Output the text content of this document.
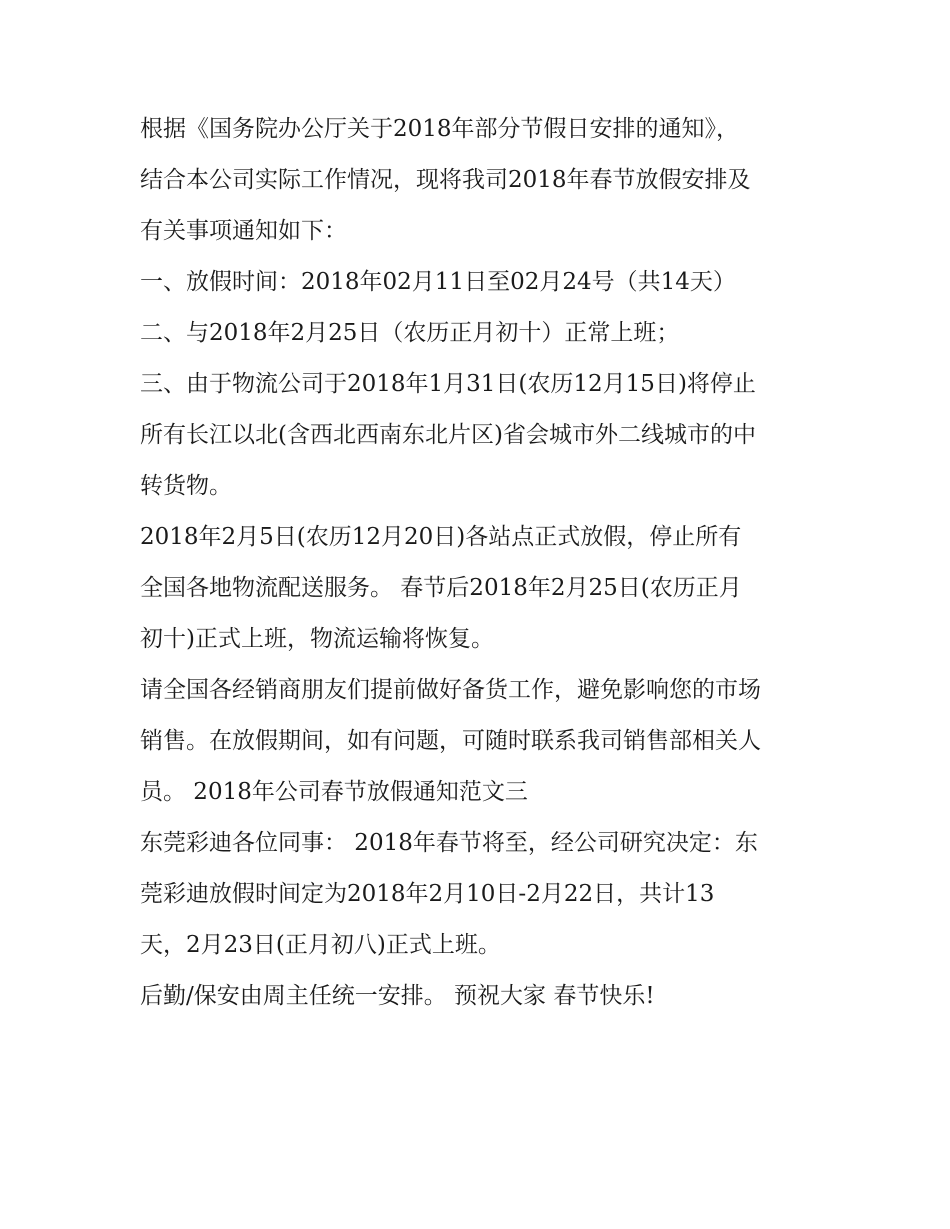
根据《国务院办公厅关于2018年部分节假日安排的通知》，
结合本公司实际工作情况，现将我司2018年春节放假安排及
有关事项通知如下：
一、放假时间：2018年02月11日至02月24号（共14天）
二、与2018年2月25日（农历正月初十）正常上班；
三、由于物流公司于2018年1月31日(农历12月15日)将停止
所有长江以北(含西北西南东北片区)省会城市外二线城市的中
转货物。
2018年2月5日(农历12月20日)各站点正式放假，停止所有
全国各地物流配送服务。 春节后2018年2月25日(农历正月
初十)正式上班，物流运输将恢复。
请全国各经销商朋友们提前做好备货工作，避免影响您的市场
销售。在放假期间，如有问题，可随时联系我司销售部相关人
员。 2018年公司春节放假通知范文三
东莞彩迪各位同事： 2018年春节将至，经公司研究决定：东
莞彩迪放假时间定为2018年2月10日-2月22日，共计13
天，2月23日(正月初八)正式上班。
后勤/保安由周主任统一安排。 预祝大家 春节快乐!
